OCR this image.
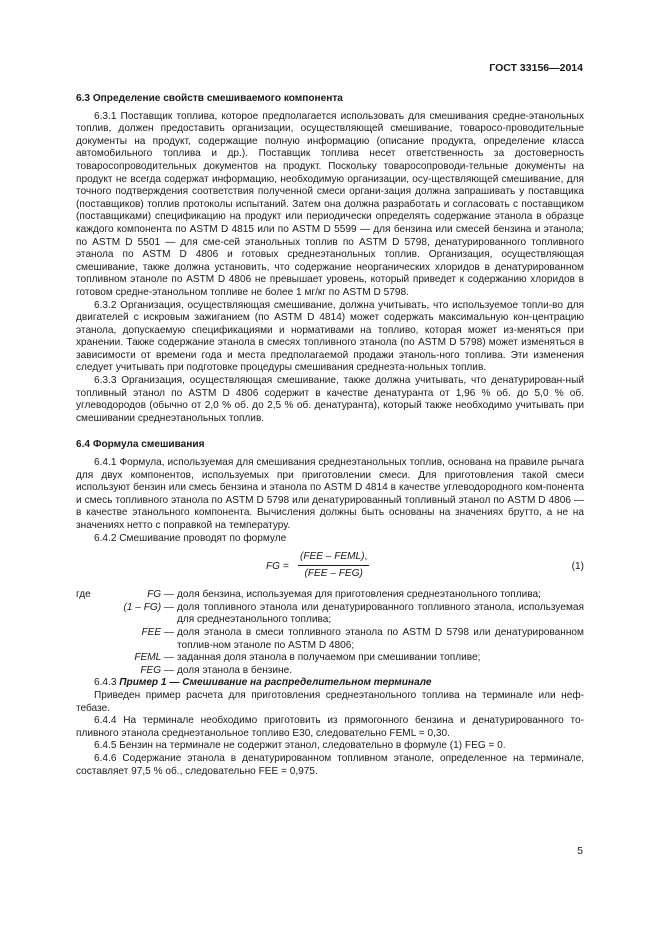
ГОСТ 33156—2014
6.3 Определение свойств смешиваемого компонента

6.3.1 Поставщик топлива, которое предполагается использовать для смешивания средне-этанольных топлив, должен предоставить организации, осуществляющей смешивание, товаросо-проводительные документы на продукт, содержащие полную информацию (описание продукта, определение класса автомобильного топлива и др.). Поставщик топлива несет ответственность за достоверность товаросопроводительных документов на продукт. Поскольку товаросопроводи-тельные документы на продукт не всегда содержат информацию, необходимую организации, осу-ществляющей смешивание, для точного подтверждения соответствия полученной смеси органи-зация должна запрашивать у поставщика (поставщиков) топлив протоколы испытаний. Затем она должна разработать и согласовать с поставщиком (поставщиками) спецификацию на продукт или периодически определять содержание этанола в образце каждого компонента по ASTM D 4815 или по ASTM D 5599 — для бензина или смесей бензина и этанола; по ASTM D 5501 — для сме-сей этанольных топлив по ASTM D 5798, денатурированного топливного этанола по ASTM D 4806 и готовых среднеэтанольных топлив. Организация, осуществляющая смешивание, также должна установить, что содержание неорганических хлоридов в денатурированном топливном этаноле по ASTM D 4806 не превышает уровень, который приведет к содержанию хлоридов в готовом средне-этанольном топливе не более 1 мг/кг по ASTM D 5798.

6.3.2 Организация, осуществляющая смешивание, должна учитывать, что используемое топли-во для двигателей с искровым зажиганием (по ASTM D 4814) может содержать максимальную кон-центрацию этанола, допускаемую спецификациями и нормативами на топливо, которая может из-меняться при хранении. Также содержание этанола в смесях топливного этанола (по ASTM D 5798) может изменяться в зависимости от времени года и места предполагаемой продажи этаноль-ного топлива. Эти изменения следует учитывать при подготовке процедуры смешивания среднеэта-нольных топлив.

6.3.3 Организация, осуществляющая смешивание, также должна учитывать, что денатурирован-ный топливный этанол по ASTM D 4806 содержит в качестве денатуранта от 1,96 % об. до 5,0 % об. углеводородов (обычно от 2,0 % об. до 2,5 % об. денатуранта), который также необходимо учитывать при смешивании среднеэтанольных топлив.

6.4 Формула смешивания

6.4.1 Формула, используемая для смешивания среднеэтанольных топлив, основана на правиле рычага для двух компонентов, используемых при приготовлении смеси. Для приготовления такой смеси используют бензин или смесь бензина и этанола по ASTM D 4814 в качестве углеводородного ком-понента и смесь топливного этанола по ASTM D 5798 или денатурированный топливный этанол по ASTM D 4806 — в качестве этанольного компонента. Вычисления должны быть основаны на значениях брутто, а не на значениях нетто с поправкой на температуру.

6.4.2 Смешивание проводят по формуле

FG =
(FEE – FEML),
(FEE – FEG)
(1)
где	FG — доля бензина, используемая для приготовления среднеэтанольного топлива;
(1 – FG) — доля топливного этанола или денатурированного топливного этанола, используемая для среднеэтанольного топлива;
FEE — доля этанола в смеси топливного этанола по ASTM D 5798 или денатурированном топлив-ном этаноле по ASTM D 4806;
FEML — заданная доля этанола в получаемом при смешивании топливе;
FEG — доля этанола в бензине.

6.4.3 Пример 1 — Смешивание на распределительном терминале

Приведен пример расчета для приготовления среднеэтанольного топлива на терминале или неф-тебазе.

6.4.4 На терминале необходимо приготовить из прямогонного бензина и денатурированного то-пливного этанола среднеэтанольное топливо Е30, следовательно FEML = 0,30.

6.4.5 Бензин на терминале не содержит этанол, следовательно в формуле (1) FEG = 0.

6.4.6 Содержание этанола в денатурированном топливном этаноле, определенное на терминале, составляет 97,5 % об., следовательно FEE = 0,975.

5
